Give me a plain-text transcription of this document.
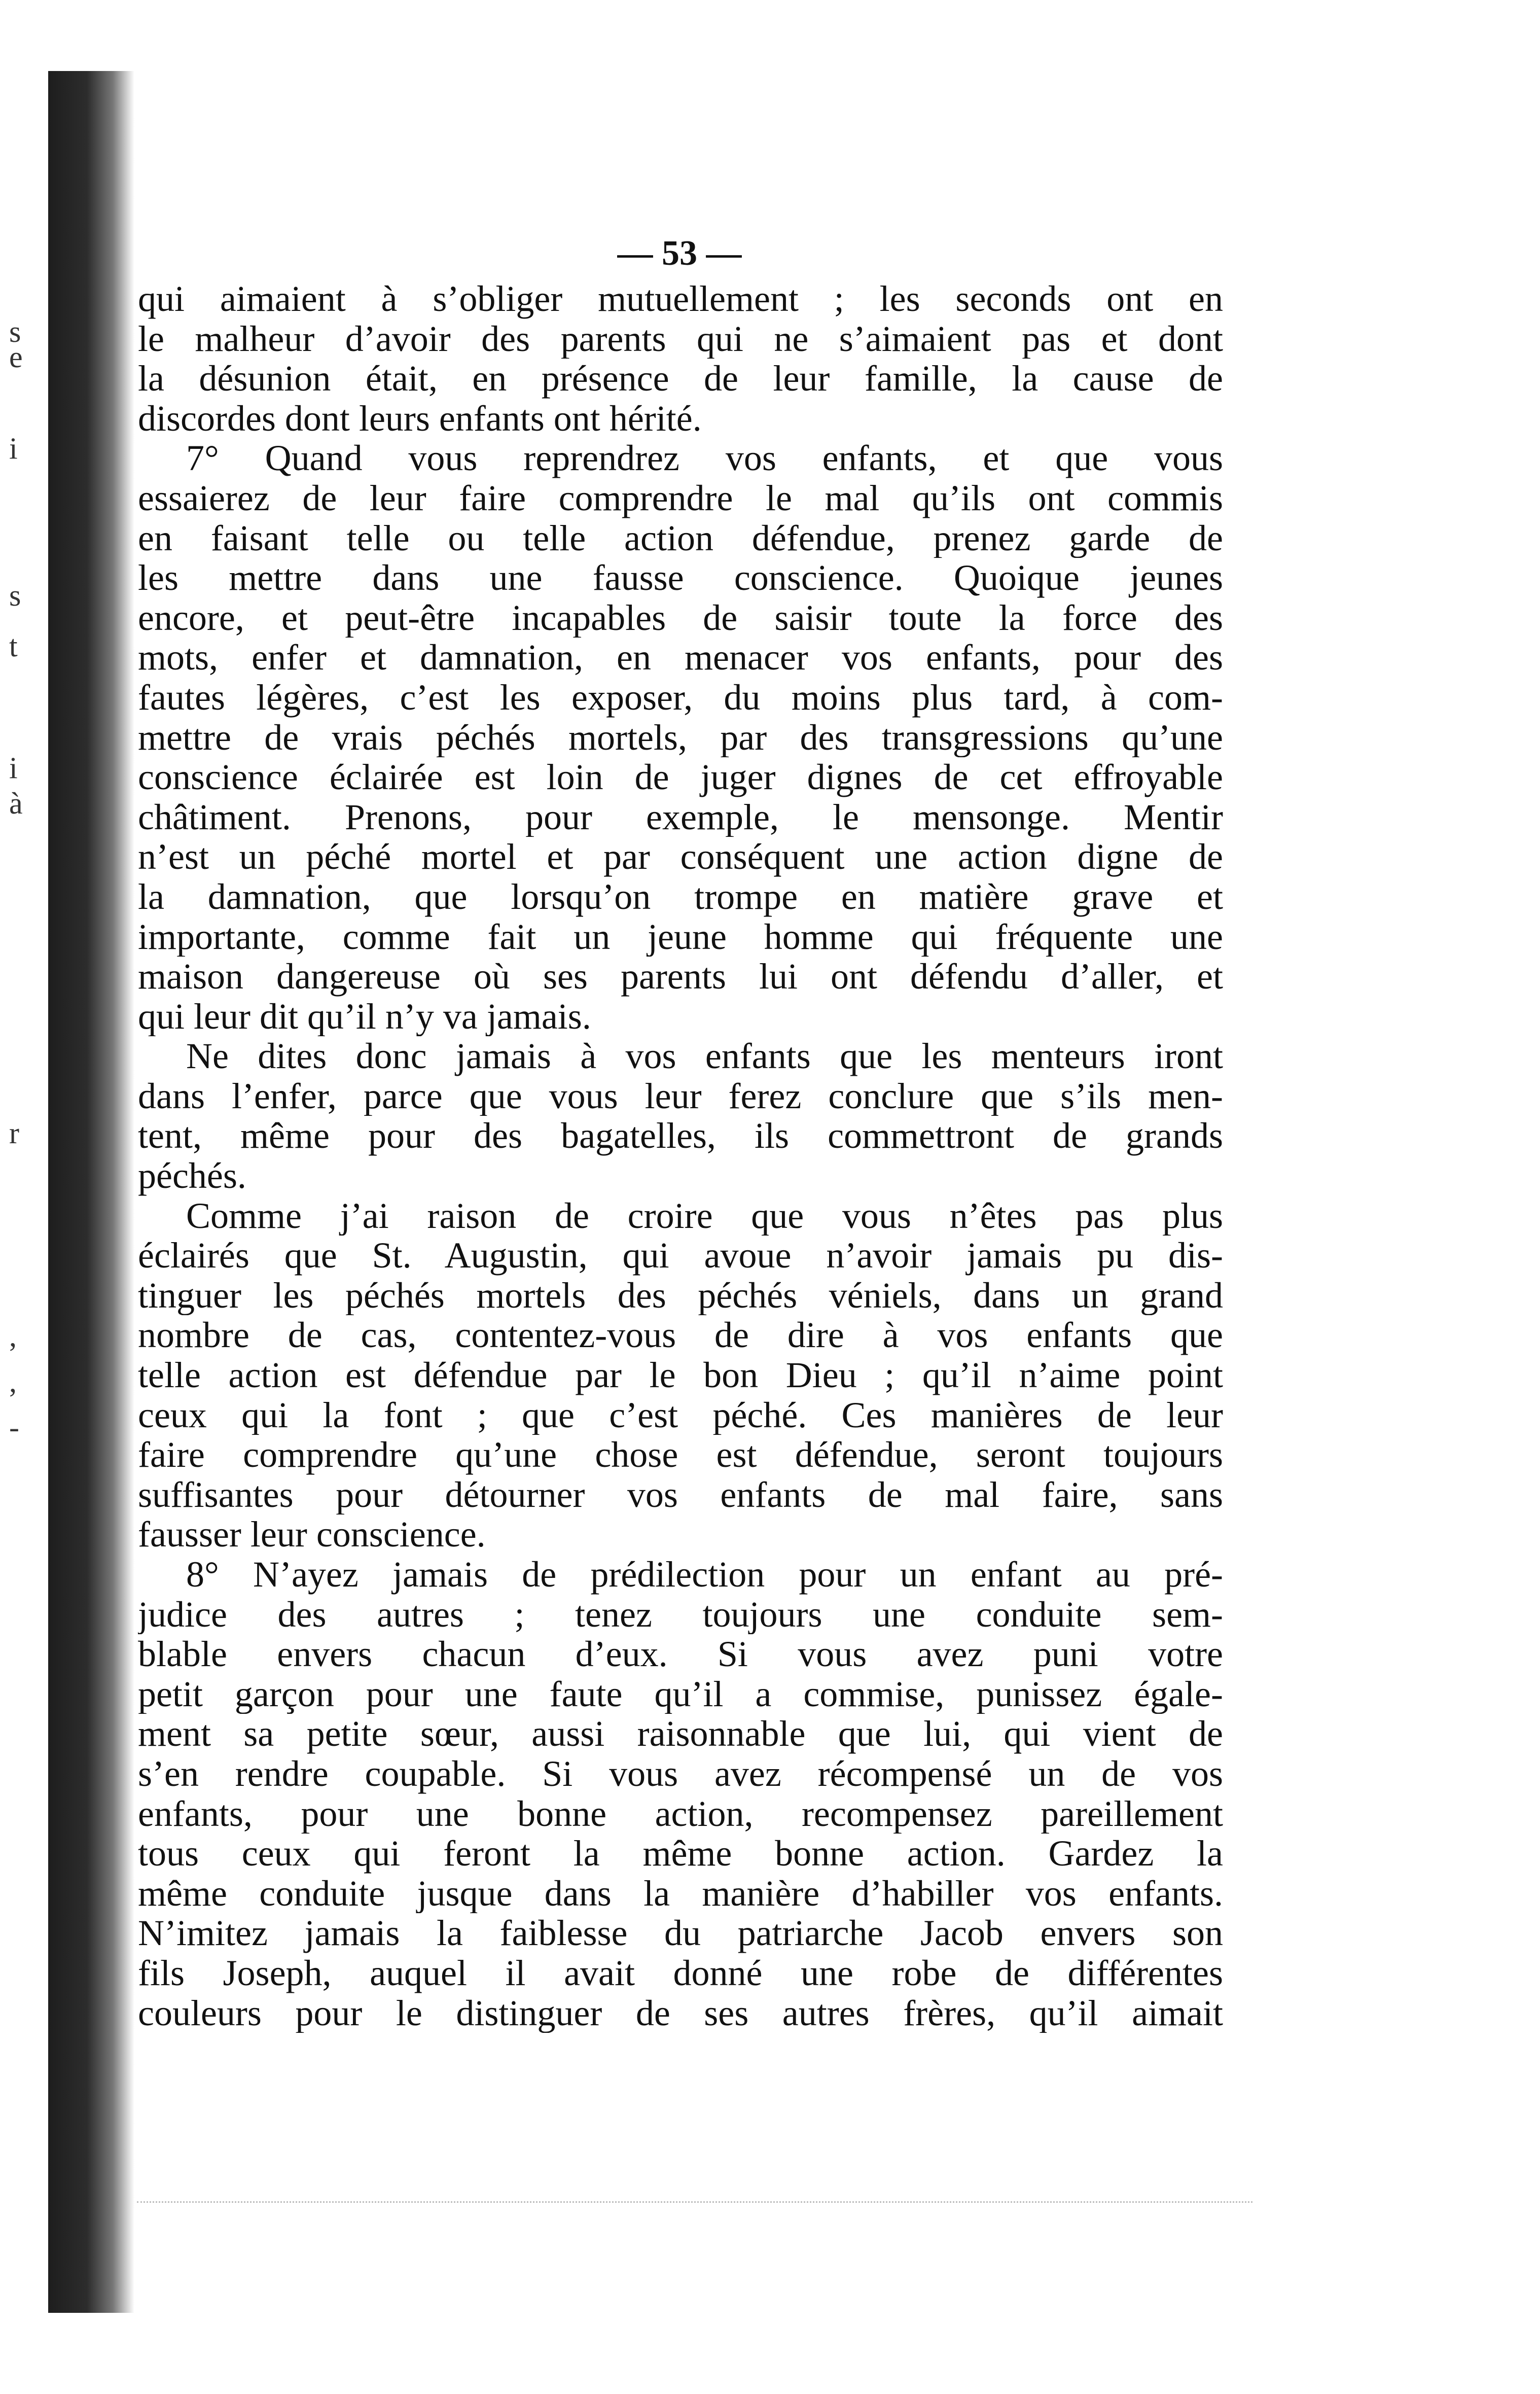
s
e
i
s
t
i
à
r
,
,
-
— 53 —
qui aimaient à s’obliger mutuellement ; les seconds ont en
le malheur d’avoir des parents qui ne s’aimaient pas et dont
la désunion était, en présence de leur famille, la cause de
discordes dont leurs enfants ont hérité.
7° Quand vous reprendrez vos enfants, et que vous
essaierez de leur faire comprendre le mal qu’ils ont commis
en faisant telle ou telle action défendue, prenez garde de
les mettre dans une fausse conscience. Quoique jeunes
encore, et peut-être incapables de saisir toute la force des
mots, enfer et damnation, en menacer vos enfants, pour des
fautes légères, c’est les exposer, du moins plus tard, à com-
mettre de vrais péchés mortels, par des transgressions qu’une
conscience éclairée est loin de juger dignes de cet effroyable
châtiment. Prenons, pour exemple, le mensonge. Mentir
n’est un péché mortel et par conséquent une action digne de
la damnation, que lorsqu’on trompe en matière grave et
importante, comme fait un jeune homme qui fréquente une
maison dangereuse où ses parents lui ont défendu d’aller, et
qui leur dit qu’il n’y va jamais.
Ne dites donc jamais à vos enfants que les menteurs iront
dans l’enfer, parce que vous leur ferez conclure que s’ils men-
tent, même pour des bagatelles, ils commettront de grands
péchés.
Comme j’ai raison de croire que vous n’êtes pas plus
éclairés que St. Augustin, qui avoue n’avoir jamais pu dis-
tinguer les péchés mortels des péchés véniels, dans un grand
nombre de cas, contentez-vous de dire à vos enfants que
telle action est défendue par le bon Dieu ; qu’il n’aime point
ceux qui la font ; que c’est péché. Ces manières de leur
faire comprendre qu’une chose est défendue, seront toujours
suffisantes pour détourner vos enfants de mal faire, sans
fausser leur conscience.
8° N’ayez jamais de prédilection pour un enfant au pré-
judice des autres ; tenez toujours une conduite sem-
blable envers chacun d’eux. Si vous avez puni votre
petit garçon pour une faute qu’il a commise, punissez égale-
ment sa petite sœur, aussi raisonnable que lui, qui vient de
s’en rendre coupable. Si vous avez récompensé un de vos
enfants, pour une bonne action, recompensez pareillement
tous ceux qui feront la même bonne action. Gardez la
même conduite jusque dans la manière d’habiller vos enfants.
N’imitez jamais la faiblesse du patriarche Jacob envers son
fils Joseph, auquel il avait donné une robe de différentes
couleurs pour le distinguer de ses autres frères, qu’il aimait
